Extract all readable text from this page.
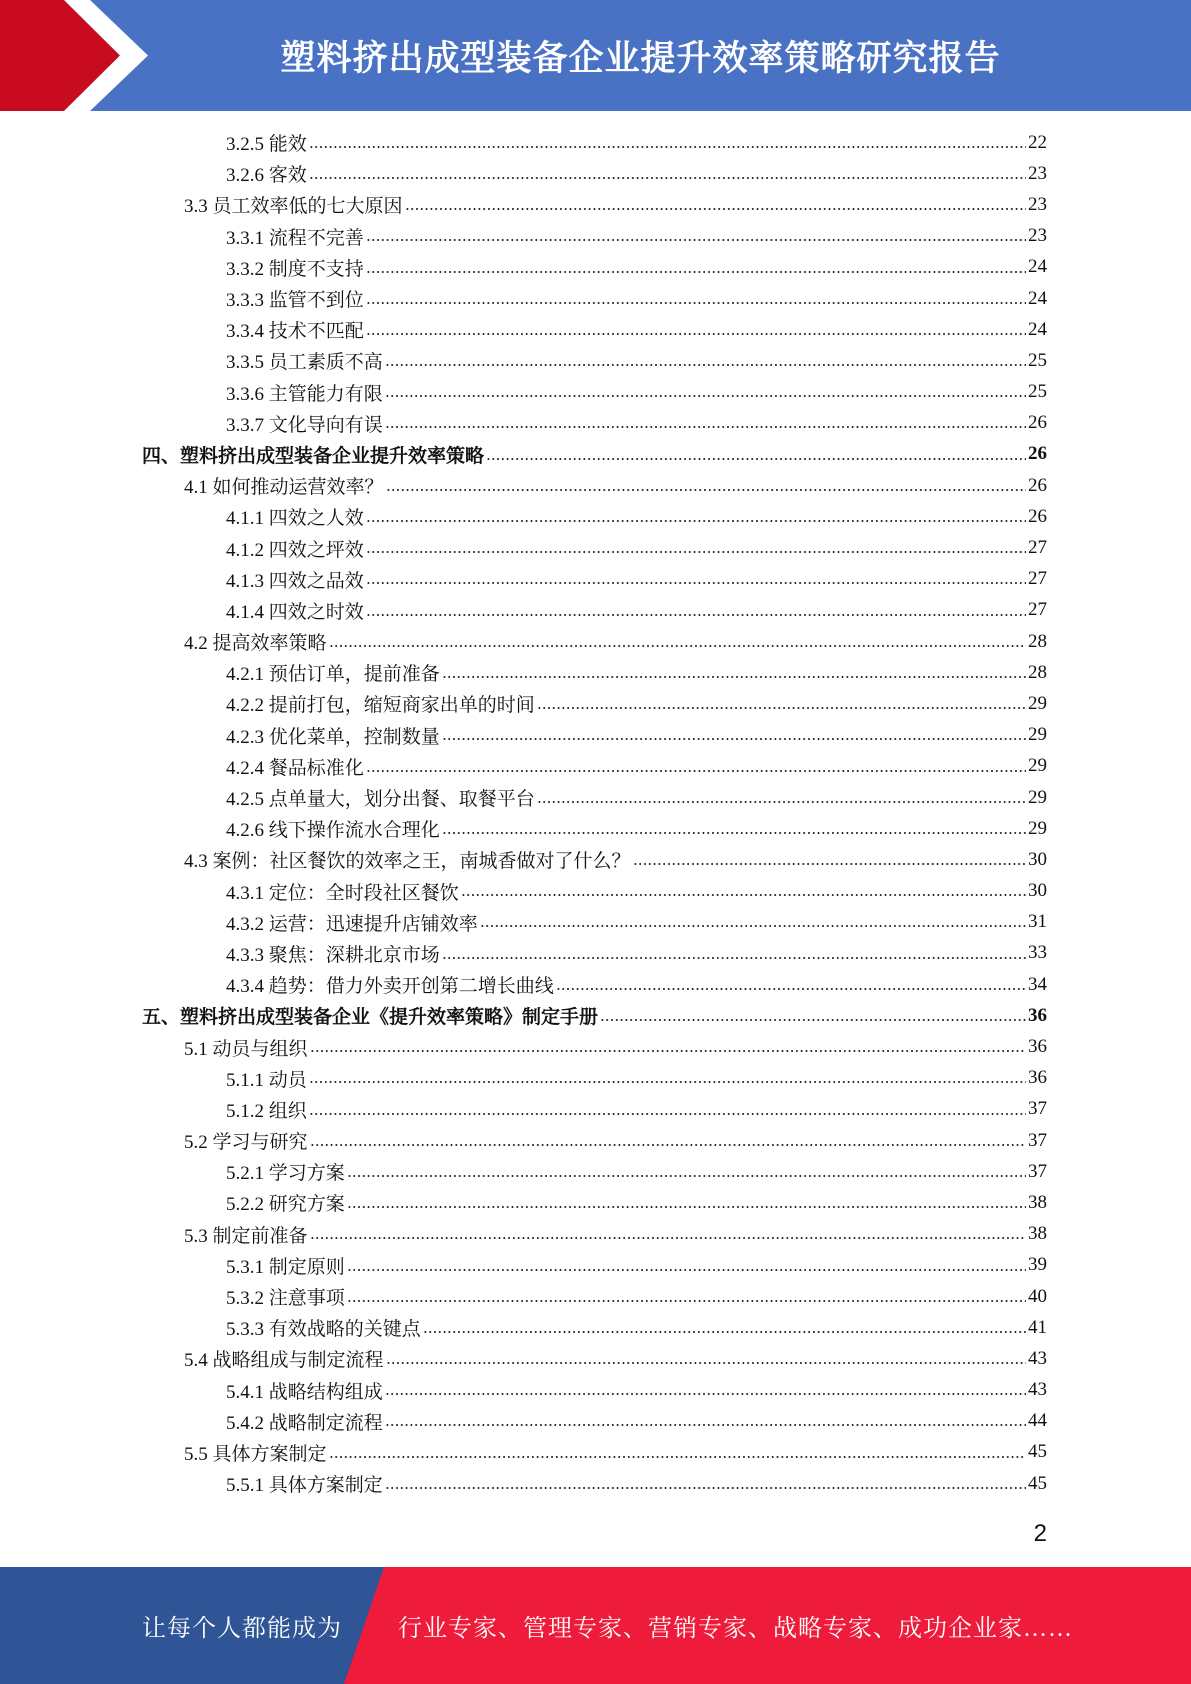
塑料挤出成型装备企业提升效率策略研究报告
3.2.5 能效	22
3.2.6 客效	23
3.3 员工效率低的七大原因	23
3.3.1 流程不完善	23
3.3.2 制度不支持	24
3.3.3 监管不到位	24
3.3.4 技术不匹配	24
3.3.5 员工素质不高	25
3.3.6 主管能力有限	25
3.3.7 文化导向有误	26
四、塑料挤出成型装备企业提升效率策略	26
4.1 如何推动运营效率？	26
4.1.1 四效之人效	26
4.1.2 四效之坪效	27
4.1.3 四效之品效	27
4.1.4 四效之时效	27
4.2 提高效率策略	28
4.2.1 预估订单，提前准备	28
4.2.2 提前打包，缩短商家出单的时间	29
4.2.3 优化菜单，控制数量	29
4.2.4 餐品标准化	29
4.2.5 点单量大，划分出餐、取餐平台	29
4.2.6 线下操作流水合理化	29
4.3 案例：社区餐饮的效率之王，南城香做对了什么？	30
4.3.1 定位：全时段社区餐饮	30
4.3.2 运营：迅速提升店铺效率	31
4.3.3 聚焦：深耕北京市场	33
4.3.4 趋势：借力外卖开创第二增长曲线	34
五、塑料挤出成型装备企业《提升效率策略》制定手册	36
5.1 动员与组织	36
5.1.1 动员	36
5.1.2 组织	37
5.2 学习与研究	37
5.2.1 学习方案	37
5.2.2 研究方案	38
5.3 制定前准备	38
5.3.1 制定原则	39
5.3.2 注意事项	40
5.3.3 有效战略的关键点	41
5.4 战略组成与制定流程	43
5.4.1 战略结构组成	43
5.4.2 战略制定流程	44
5.5 具体方案制定	45
5.5.1 具体方案制定	45
2
让每个人都能成为 行业专家、管理专家、营销专家、战略专家、成功企业家……
